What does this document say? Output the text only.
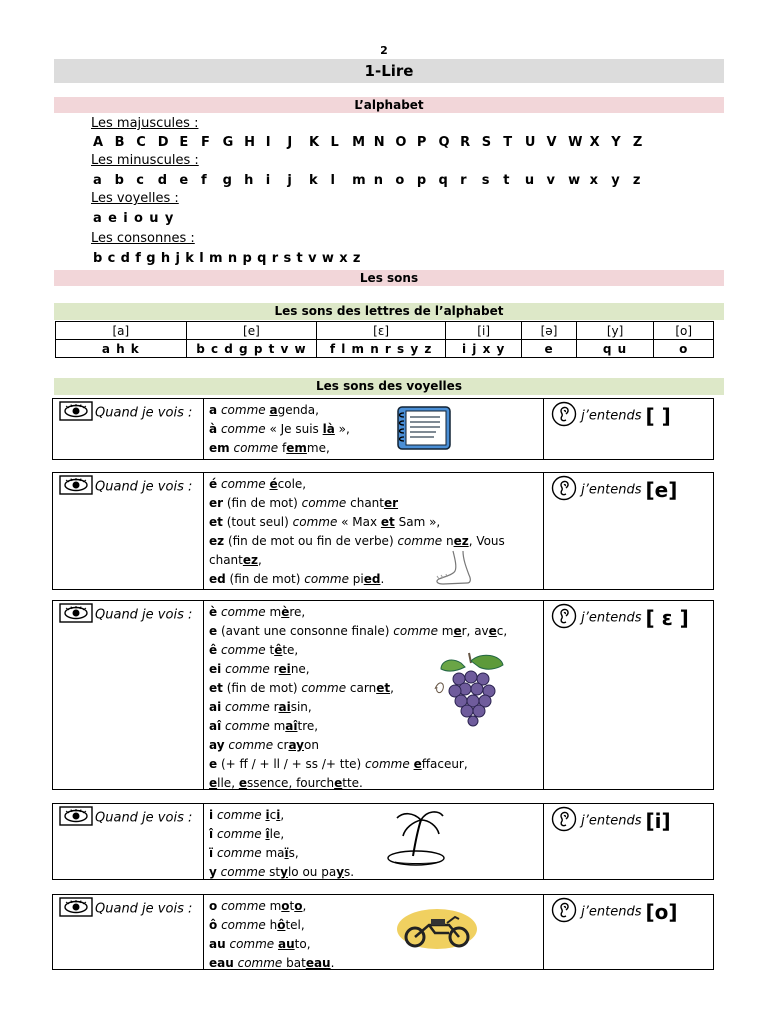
2
1-Lire
L’alphabet
Les majuscules :
A B C D E F G H I J K L M N O P Q R S T U V W X Y Z
Les minuscules :
a b c d e f g h i j k l m n o p q r s t u v w x y z
Les voyelles :
a e i o u y
Les consonnes :
b c d f g h j k l m n p q r s t v w x z
Les sons
Les sons des lettres de l’alphabet
[a]	[e]	[ɛ]	[i]	[ə]	[y]	[o]
a h k	b c d g p t v w	f l m n r s y z	i j x y	e	q u	o
Les sons des voyelles
Quand je vois : a comme agenda,
à comme « Je suis là »,
em comme femme,
j’entends [ ]
Quand je vois : é comme école,
er (fin de mot) comme chanter
et (tout seul) comme « Max et Sam »,
ez (fin de mot ou fin de verbe) comme nez, Vous
chantez,
ed (fin de mot) comme pied.
j’entends [e]
Quand je vois : è comme mère,
e (avant une consonne finale) comme mer, avec,
ê comme tête,
ei comme reine,
et (fin de mot) comme carnet,
ai comme raisin,
aî comme maître,
ay comme crayon
e (+ ff / + ll / + ss /+ tte) comme effaceur,
elle, essence, fourchette.
j’entends [ ɛ ]
Quand je vois : i comme ici,
î comme île,
ï comme maïs,
y comme stylo ou pays.
j’entends [i]
Quand je vois : o comme moto,
ô comme hôtel,
au comme auto,
eau comme bateau.
j’entends [o]
